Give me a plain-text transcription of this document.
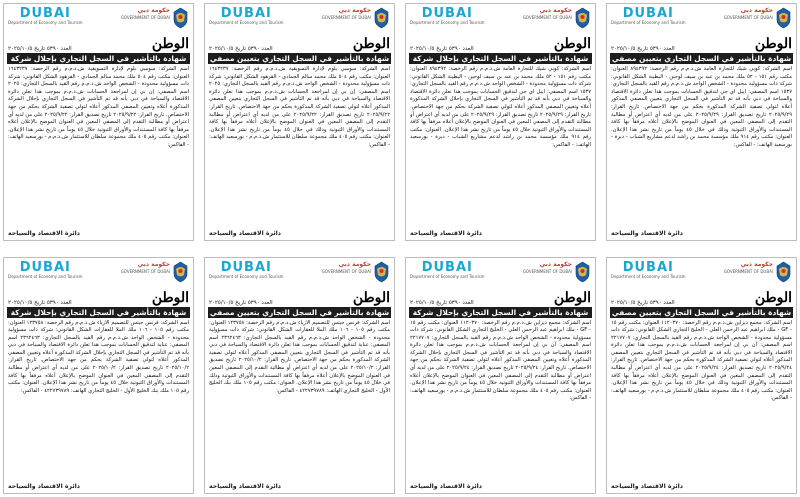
DUBAI
Department of Economy and Tourism
حكومة دبي
GOVERNMENT OF DUBAI
الوطن
العدد ٥٣٩٠ تاريخ ٢٠٢٥/١٠/٥
شهادة بالتأشير في السجل التجاري بإحلال شركة

اسم الشركة: سومبي بلوم لإدارة التسويقية ش.ذ.م.م رقم الرخصة: ١٦٤٣٢٣٧ العنوان: مكتب رقم ٥٠٤ ملك محمد سالم الحمادي - القرهود الشكل القانوني: شركة ذات مسؤولية محدودة - الشخص الواحد ش.ذ.م.م رقم القيد بالسجل التجاري: ٢٠٢٥ اسم المصفي: إن بي إن لمراجعة الحسابات ش.ذ.م.م بموجب هذا تعلن دائرة الاقتصاد والسياحة في دبي بأنه قد تم التأشير في السجل التجاري بإحلال الشركة المذكورة أعلاه وتعيين المصفي المذكور أعلاه لتولي تصفية الشركة بحكم من جهة الاختصاص. تاريخ القرار: ٢٠٢٥/٩/٢٢ تاريخ تصديق القرار: ٢٠٢٥/٩/٢٢ على من لديه أي اعتراض أو مطالبة التقدم إلى المصفي المعين في العنوان الموضح بالإعلان أعلاه مرفقاً بها كافة المستندات والأوراق الثبوتية خلال ٤٥ يوماً من تاريخ نشر هذا الإعلان. العنوان: مكتب رقم ٤٠٥ ملك مجموعة سلطان للاستثمار ش.ذ.م.م - بورسعيد الهاتف: - الفاكس:

دائرة الاقتصاد والسياحة
DUBAI
Department of Economy and Tourism
حكومة دبي
GOVERNMENT OF DUBAI
الوطن
العدد ٥٣٩٠ تاريخ ٢٠٢٥/١٠/٥
شهادة بالتأشير في السجل التجاري بتعيين مصفي

اسم الشركة: سومبي بلوم لإدارة التسويقية ش.ذ.م.م رقم الرخصة: ١٦٤٣٢٣٧ العنوان: مكتب رقم ٥٠٤ ملك محمد سالم الحمادي - القرهود الشكل القانوني: شركة ذات مسؤولية محدودة - الشخص الواحد ش.ذ.م.م رقم القيد بالسجل التجاري: ٢٠٢٥ اسم المصفي: إن بي إن لمراجعة الحسابات ش.ذ.م.م بموجب هذا تعلن دائرة الاقتصاد والسياحة في دبي بأنه قد تم التأشير في السجل التجاري بتعيين المصفي المذكور أعلاه لتولي تصفية الشركة المذكورة بحكم من جهة الاختصاص. تاريخ القرار: ٢٠٢٥/٩/٢٢ تاريخ تصديق القرار: ٢٠٢٥/٩/٢٢ على من لديه أي اعتراض أو مطالبة التقدم إلى المصفي المعين في العنوان الموضح بالإعلان أعلاه مرفقاً بها كافة المستندات والأوراق الثبوتية وذلك في خلال ٤٥ يوماً من تاريخ نشر هذا الإعلان. العنوان: مكتب رقم ٤٠٥ ملك مجموعة سلطان للاستثمار ش.ذ.م.م - بورسعيد الهاتف: - الفاكس:

دائرة الاقتصاد والسياحة
DUBAI
Department of Economy and Tourism
حكومة دبي
GOVERNMENT OF DUBAI
الوطن
العدد ٥٣٩٠ تاريخ ٢٠٢٥/١٠/٥
شهادة بالتأشير في السجل التجاري بإحلال شركة

اسم الشركة: كوبي شيك للتجارة العامة ش.ذ.م.م رقم الرخصة: ٨٩٤٣٩٢ العنوان: مكتب رقم ١٥١ - ٥٢ ملك محمد بن عبد بن سيف لوحين - البطينة الشكل القانوني: شركة ذات مسؤولية محدودة - الشخص الواحد ش.ذ.م.م رقم القيد بالسجل التجاري: ١٥٣٧ اسم المصفي: ايبل اي جي لتدقيق الحسابات بموجب هذا تعلن دائرة الاقتصاد والسياحة في دبي بأنه قد تم التأشير في السجل التجاري بإحلال الشركة المذكورة أعلاه وتعيين المصفي المذكور أعلاه لتولي تصفية الشركة بحكم من جهة الاختصاص. تاريخ القرار: ٢٠٢٥/٩/٢٩ تاريخ تصديق القرار: ٢٠٢٥/٩/٢٩ على من لديه أي اعتراض أو مطالبة التقدم إلى المصفي المعين في العنوان الموضح بالإعلان أعلاه مرفقاً بها كافة المستندات والأوراق الثبوتية خلال ٤٥ يوماً من تاريخ نشر هذا الإعلان. العنوان: مكتب رقم ٩١٤ ملك مؤسسة محمد بن راشد لدعم مشاريع الشباب - ديرة - بورسعيد الهاتف: - الفاكس:

دائرة الاقتصاد والسياحة
DUBAI
Department of Economy and Tourism
حكومة دبي
GOVERNMENT OF DUBAI
الوطن
العدد ٥٣٩٠ تاريخ ٢٠٢٥/١٠/٥
شهادة بالتأشير في السجل التجاري بتعيين مصفي

اسم الشركة: كوبي شيك للتجارة العامة ش.ذ.م.م رقم الرخصة: ٨٩٤٣٩٢ العنوان: مكتب رقم ١٥١ - ٥٢ ملك محمد بن عبد بن سيف لوحين - البطينة الشكل القانوني: شركة ذات مسؤولية محدودة - الشخص الواحد ش.ذ.م.م رقم القيد بالسجل التجاري: ١٥٣٧ اسم المصفي: ايبل اي جي لتدقيق الحسابات بموجب هذا تعلن دائرة الاقتصاد والسياحة في دبي بأنه قد تم التأشير في السجل التجاري بتعيين المصفي المذكور أعلاه لتولي تصفية الشركة المذكورة بحكم من جهة الاختصاص. تاريخ القرار: ٢٠٢٥/٩/٢٩ تاريخ تصديق القرار: ٢٠٢٥/٩/٢٩ على من لديه أي اعتراض أو مطالبة التقدم إلى المصفي المعين في العنوان الموضح بالإعلان أعلاه مرفقاً بها كافة المستندات والأوراق الثبوتية وذلك في خلال ٤٥ يوماً من تاريخ نشر هذا الإعلان. العنوان: مكتب رقم ٩١٤ ملك مؤسسة محمد بن راشد لدعم مشاريع الشباب - ديرة - بورسعيد الهاتف: - الفاكس:

دائرة الاقتصاد والسياحة
DUBAI
Department of Economy and Tourism
حكومة دبي
GOVERNMENT OF DUBAI
الوطن
العدد ٥٣٩٠ تاريخ ٢٠٢٥/١٠/٥
شهادة بالتأشير في السجل التجاري بإحلال شركة

اسم الشركة: فرنس جيتس للتصميم الأزياء ش.ذ.م.م رقم الرخصة: ١٢٣٧٥٨ العنوان: مكتب رقم ١٠٥ - ١٠٦ ملك الملا للعقارات الشكل القانوني: شركة ذات مسؤولية محدودة - الشخص الواحد ش.ذ.م.م رقم القيد بالسجل التجاري: ٢٣٦٢٤٦٣ اسم المصفي: عناية لتدقيق الحسابات بموجب هذا تعلن دائرة الاقتصاد والسياحة في دبي بأنه قد تم التأشير في السجل التجاري بإحلال الشركة المذكورة أعلاه وتعيين المصفي المذكور أعلاه لتولي تصفية الشركة بحكم من جهة الاختصاص. تاريخ القرار: ٢٠٢٥/١٠/٢ تاريخ تصديق القرار: ٢٠٢٥/١٠/٢ على من لديه أي اعتراض أو مطالبة التقدم إلى المصفي المعين في العنوان الموضح بالإعلان أعلاه مرفقاً بها كافة المستندات والأوراق الثبوتية خلال ٤٥ يوماً من تاريخ نشر هذا الإعلان. العنوان: مكتب رقم ١٠٥ ملك بنك الخليج الأول - الخليج التجاري الهاتف: ٤٢٢٧٣٩٧٨٩ - الفاكس:

دائرة الاقتصاد والسياحة
DUBAI
Department of Economy and Tourism
حكومة دبي
GOVERNMENT OF DUBAI
الوطن
العدد ٥٣٩٠ تاريخ ٢٠٢٥/١٠/٥
شهادة بالتأشير في السجل التجاري بتعيين مصفي

اسم الشركة: فرنس جيتس للتصميم الأزياء ش.ذ.م.م رقم الرخصة: ١٢٣٧٥٨ العنوان: مكتب رقم ١٠٥ - ١٠٦ ملك الملا للعقارات الشكل القانوني: شركة ذات مسؤولية محدودة - الشخص الواحد ش.ذ.م.م رقم القيد بالسجل التجاري: ٢٣٦٢٤٦٣ اسم المصفي: عناية لتدقيق الحسابات بموجب هذا تعلن دائرة الاقتصاد والسياحة في دبي بأنه قد تم التأشير في السجل التجاري بتعيين المصفي المذكور أعلاه لتولي تصفية الشركة المذكورة بحكم من جهة الاختصاص. تاريخ القرار: ٢٠٢٥/١٠/٢ تاريخ تصديق القرار: ٢٠٢٥/١٠/٢ على من لديه أي اعتراض أو مطالبة التقدم إلى المصفي المعين في العنوان الموضح بالإعلان أعلاه مرفقاً بها كافة المستندات والأوراق الثبوتية وذلك في خلال ٤٥ يوماً من تاريخ نشر هذا الإعلان. العنوان: مكتب رقم ١٠٥ ملك بنك الخليج الأول - الخليج التجاري الهاتف: ٤٢٢٧٣٩٧٨٩ - الفاكس:

دائرة الاقتصاد والسياحة
DUBAI
Department of Economy and Tourism
حكومة دبي
GOVERNMENT OF DUBAI
الوطن
العدد ٥٣٩٠ تاريخ ٢٠٢٥/١٠/٥
شهادة بالتأشير في السجل التجاري بإحلال شركة

اسم الشركة: مجمع ديزاين ش.ذ.م.م رقم الرخصة: ١١٢٠٣٧٠ العنوان: مكتب رقم ١٥ - GF - ملك ابراهيم عبد الرحمن العلي - الخليج التجاري الشكل القانوني: شركة ذات مسؤولية محدودة - الشخص الواحد ش.ذ.م.م رقم القيد بالسجل التجاري: ٢٢١٧٧٠٧ اسم المصفي: آن بي إن لمراجعة الحسابات ش.ذ.م.م بموجب هذا تعلن دائرة الاقتصاد والسياحة في دبي بأنه قد تم التأشير في السجل التجاري بإحلال الشركة المذكورة أعلاه وتعيين المصفي المذكور أعلاه لتولي تصفية الشركة بحكم من جهة الاختصاص. تاريخ القرار: ٢٠٢٥/٩/٢٤ تاريخ تصديق القرار: ٢٠٢٥/٩/٢٤ على من لديه أي اعتراض أو مطالبة التقدم إلى المصفي المعين في العنوان الموضح بالإعلان أعلاه مرفقاً بها كافة المستندات والأوراق الثبوتية خلال ٤٥ يوماً من تاريخ نشر هذا الإعلان. العنوان: مكتب رقم ٤٠٥ ملك مجموعة سلطان للاستثمار ش.ذ.م.م - بورسعيد الهاتف: - الفاكس:

دائرة الاقتصاد والسياحة
DUBAI
Department of Economy and Tourism
حكومة دبي
GOVERNMENT OF DUBAI
الوطن
العدد ٥٣٩٠ تاريخ ٢٠٢٥/١٠/٥
شهادة بالتأشير في السجل التجاري بتعيين مصفي

اسم الشركة: مجمع ديزاين ش.ذ.م.م رقم الرخصة: ١١٢٠٣٧٠ العنوان: مكتب رقم ١٥ - GF - ملك ابراهيم عبد الرحمن العلي - الخليج التجاري الشكل القانوني: شركة ذات مسؤولية محدودة - الشخص الواحد ش.ذ.م.م رقم القيد بالسجل التجاري: ٢٢١٧٧٠٧ اسم المصفي: آن بي إن لمراجعة الحسابات ش.ذ.م.م بموجب هذا تعلن دائرة الاقتصاد والسياحة في دبي بأنه قد تم التأشير في السجل التجاري بتعيين المصفي المذكور أعلاه لتولي تصفية الشركة المذكورة بحكم من جهة الاختصاص. تاريخ القرار: ٢٠٢٥/٩/٢٤ تاريخ تصديق القرار: ٢٠٢٥/٩/٢٤ على من لديه أي اعتراض أو مطالبة التقدم إلى المصفي المعين في العنوان الموضح بالإعلان أعلاه مرفقاً بها كافة المستندات والأوراق الثبوتية وذلك في خلال ٤٥ يوماً من تاريخ نشر هذا الإعلان. العنوان: مكتب رقم ٤٠٥ ملك مجموعة سلطان للاستثمار ش.ذ.م.م - بورسعيد الهاتف: - الفاكس:

دائرة الاقتصاد والسياحة
